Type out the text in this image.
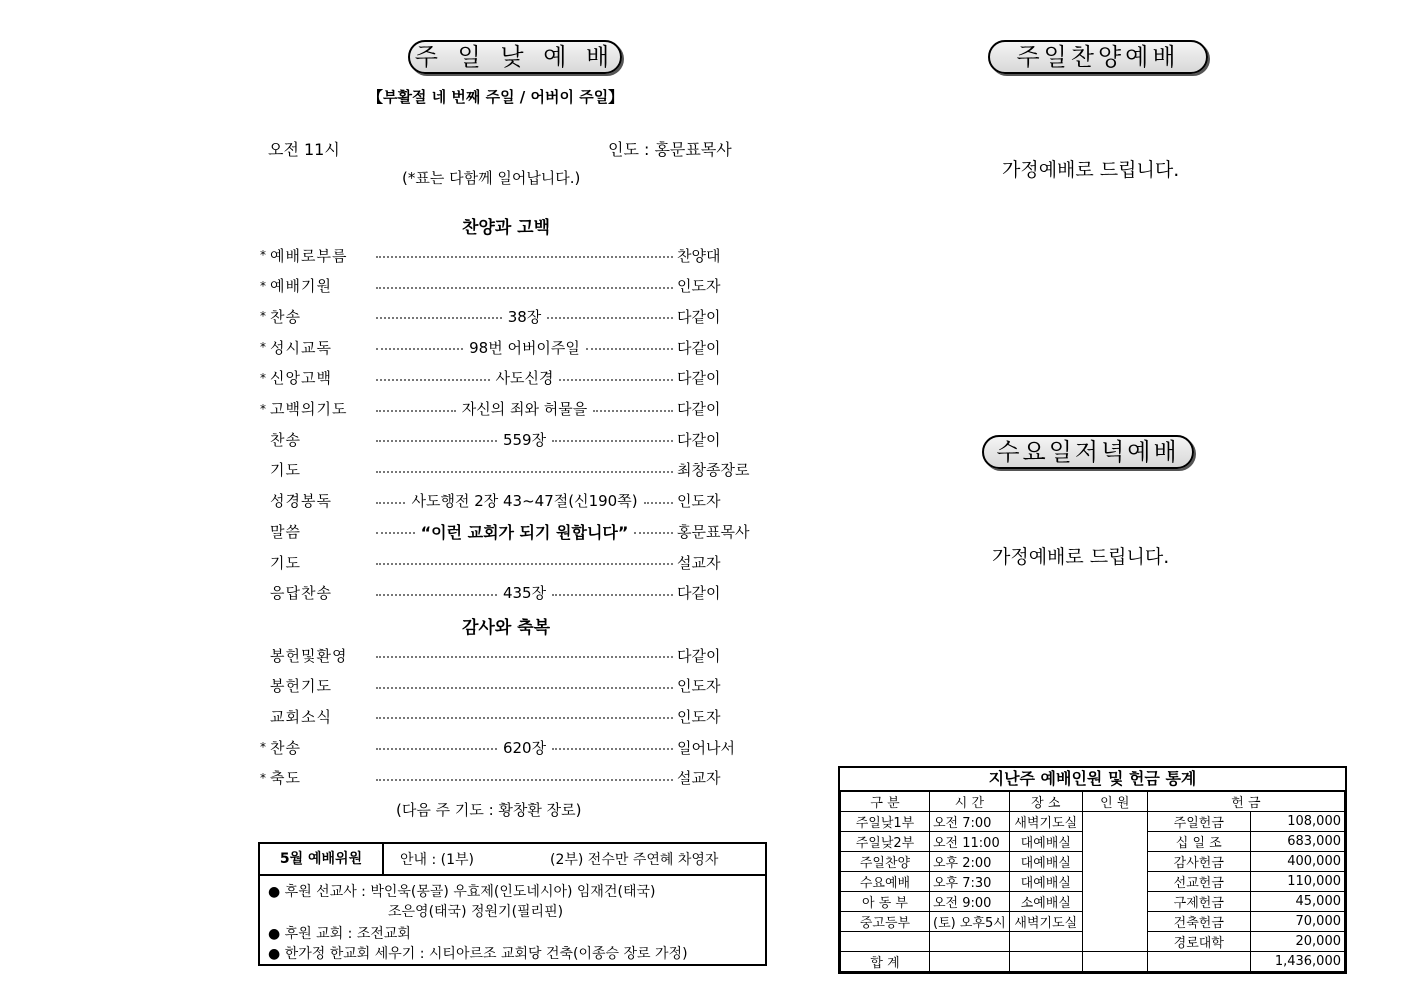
주 일 낮 예 배
【부활절 네 번째 주일 / 어버이 주일】
오전 11시	인도 : 홍문표목사
(*표는 다함께 일어납니다.)
찬양과 고백
* 예배로부름	찬양대
* 예배기원	인도자
* 찬송	38장	다같이
* 성시교독	98번 어버이주일	다같이
* 신앙고백	사도신경	다같이
* 고백의기도	자신의 죄와 허물을	다같이
찬송	559장	다같이
기도	최창종장로
성경봉독	사도행전 2장 43~47절(신190쪽)	인도자
말씀	“이런 교회가 되기 원합니다”	홍문표목사
기도	설교자
응답찬송	435장	다같이
감사와 축복
봉헌및환영	다같이
봉헌기도	인도자
교회소식	인도자
* 찬송	620장	일어나서
* 축도	설교자
(다음 주 기도 : 황창환 장로)
5월 예배위원	안내 : (1부)	(2부) 전수만 주연혜 차영자
● 후원 선교사 : 박인욱(몽골) 우효제(인도네시아) 임재건(태국)
조은영(태국) 정원기(필리핀)
● 후원 교회 : 조전교회
● 한가정 한교회 세우기 : 시티아르조 교회당 건축(이종승 장로 가정)
주일찬양예배
가정예배로 드립니다.
수요일저녁예배
가정예배로 드립니다.
지난주 예배인원 및 헌금 통계
구 분	시 간	장 소	인 원	헌 금	
주일낮1부	오전 7:00	새벽기도실		주일헌금	108,000
주일낮2부	오전 11:00	대예배실		십 일 조	683,000
주일찬양	오후 2:00	대예배실		감사헌금	400,000
수요예배	오후 7:30	대예배실		선교헌금	110,000
아 동 부	오전 9:00	소예배실		구제헌금	45,000
중고등부	(토) 오후5시	새벽기도실		건축헌금	70,000
				경로대학	20,000
합 계					1,436,000
